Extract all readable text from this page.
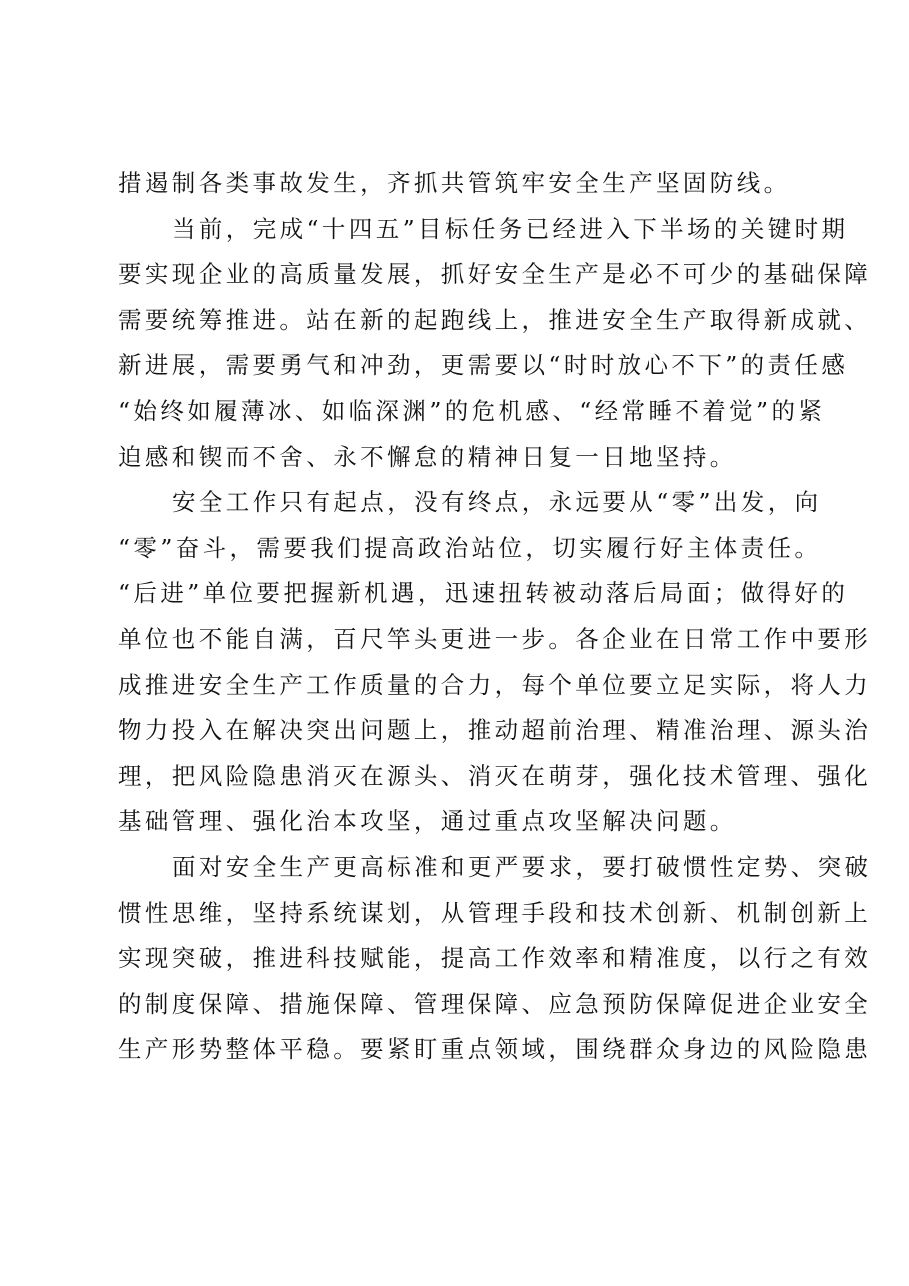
措遏制各类事故发生，齐抓共管筑牢安全生产坚固防线。
当前，完成“十四五”目标任务已经进入下半场的关键时期
要实现企业的高质量发展，抓好安全生产是必不可少的基础保障
需要统筹推进。站在新的起跑线上，推进安全生产取得新成就、
新进展，需要勇气和冲劲，更需要以“时时放心不下”的责任感
“始终如履薄冰、如临深渊”的危机感、“经常睡不着觉”的紧
迫感和锲而不舍、永不懈怠的精神日复一日地坚持。
安全工作只有起点，没有终点，永远要从“零”出发，向
“零”奋斗，需要我们提高政治站位，切实履行好主体责任。
“后进”单位要把握新机遇，迅速扭转被动落后局面；做得好的
单位也不能自满，百尺竿头更进一步。各企业在日常工作中要形
成推进安全生产工作质量的合力，每个单位要立足实际，将人力
物力投入在解决突出问题上，推动超前治理、精准治理、源头治
理，把风险隐患消灭在源头、消灭在萌芽，强化技术管理、强化
基础管理、强化治本攻坚，通过重点攻坚解决问题。
面对安全生产更高标准和更严要求，要打破惯性定势、突破
惯性思维，坚持系统谋划，从管理手段和技术创新、机制创新上
实现突破，推进科技赋能，提高工作效率和精准度，以行之有效
的制度保障、措施保障、管理保障、应急预防保障促进企业安全
生产形势整体平稳。要紧盯重点领域，围绕群众身边的风险隐患
